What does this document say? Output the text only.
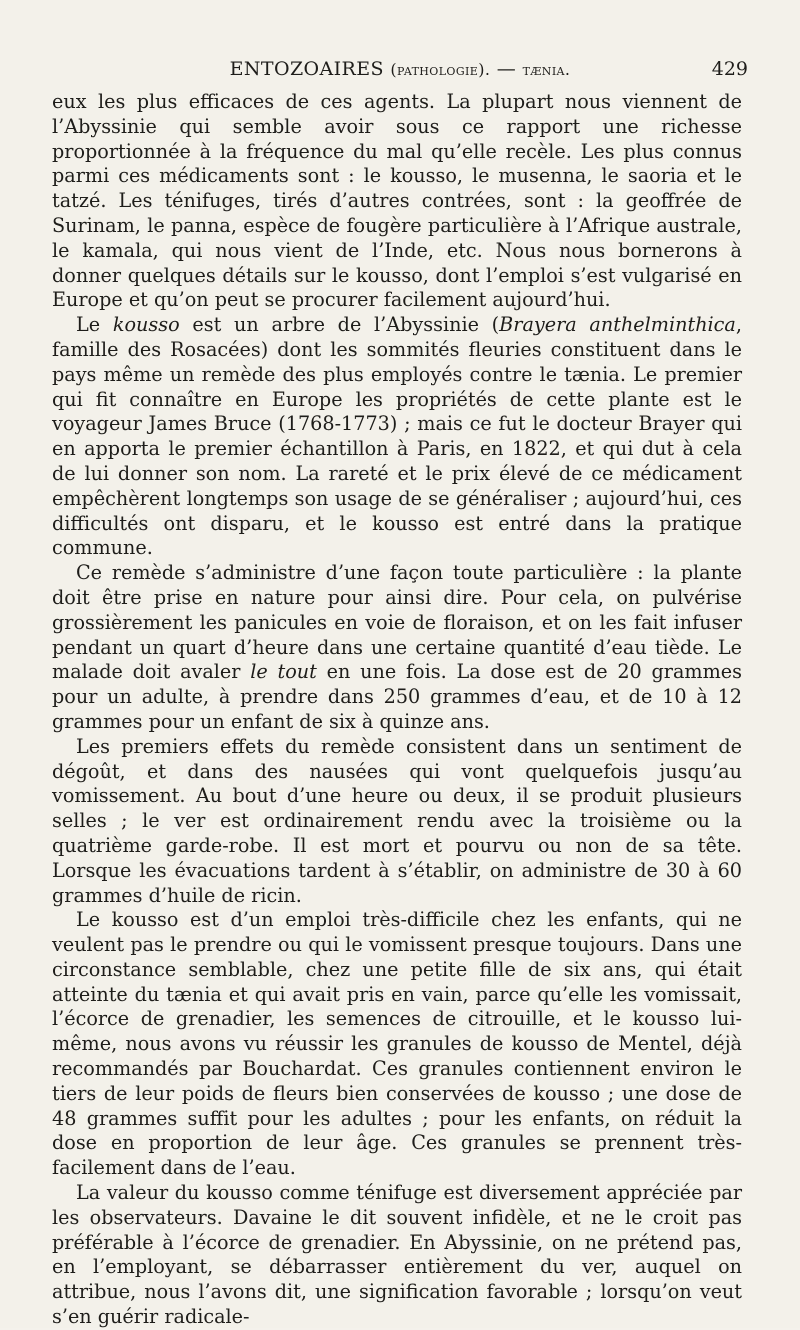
ENTOZOAIRES (pathologie). — tænia.	429

eux les plus efficaces de ces agents. La plupart nous viennent de l’Abyssinie qui semble avoir sous ce rapport une richesse proportionnée à la fréquence du mal qu’elle recèle. Les plus connus parmi ces médicaments sont : le kousso, le musenna, le saoria et le tatzé. Les ténifuges, tirés d’autres contrées, sont : la geoffrée de Surinam, le panna, espèce de fougère particulière à l’Afrique australe, le kamala, qui nous vient de l’Inde, etc. Nous nous bornerons à donner quelques détails sur le kousso, dont l’emploi s’est vulgarisé en Europe et qu’on peut se procurer facilement aujourd’hui.

Le kousso est un arbre de l’Abyssinie (Brayera anthelminthica, famille des Rosacées) dont les sommités fleuries constituent dans le pays même un remède des plus employés contre le tænia. Le premier qui fit connaître en Europe les propriétés de cette plante est le voyageur James Bruce (1768-1773) ; mais ce fut le docteur Brayer qui en apporta le premier échantillon à Paris, en 1822, et qui dut à cela de lui donner son nom. La rareté et le prix élevé de ce médicament empêchèrent longtemps son usage de se généraliser ; aujourd’hui, ces difficultés ont disparu, et le kousso est entré dans la pratique commune.

Ce remède s’administre d’une façon toute particulière : la plante doit être prise en nature pour ainsi dire. Pour cela, on pulvérise grossièrement les panicules en voie de floraison, et on les fait infuser pendant un quart d’heure dans une certaine quantité d’eau tiède. Le malade doit avaler le tout en une fois. La dose est de 20 grammes pour un adulte, à prendre dans 250 grammes d’eau, et de 10 à 12 grammes pour un enfant de six à quinze ans.

Les premiers effets du remède consistent dans un sentiment de dégoût, et dans des nausées qui vont quelquefois jusqu’au vomissement. Au bout d’une heure ou deux, il se produit plusieurs selles ; le ver est ordinairement rendu avec la troisième ou la quatrième garde-robe. Il est mort et pourvu ou non de sa tête. Lorsque les évacuations tardent à s’établir, on administre de 30 à 60 grammes d’huile de ricin.

Le kousso est d’un emploi très-difficile chez les enfants, qui ne veulent pas le prendre ou qui le vomissent presque toujours. Dans une circonstance semblable, chez une petite fille de six ans, qui était atteinte du tænia et qui avait pris en vain, parce qu’elle les vomissait, l’écorce de grenadier, les semences de citrouille, et le kousso lui-même, nous avons vu réussir les granules de kousso de Mentel, déjà recommandés par Bouchardat. Ces granules contiennent environ le tiers de leur poids de fleurs bien conservées de kousso ; une dose de 48 grammes suffit pour les adultes ; pour les enfants, on réduit la dose en proportion de leur âge. Ces granules se prennent très-facilement dans de l’eau.

La valeur du kousso comme ténifuge est diversement appréciée par les observateurs. Davaine le dit souvent infidèle, et ne le croit pas préférable à l’écorce de grenadier. En Abyssinie, on ne prétend pas, en l’employant, se débarrasser entièrement du ver, auquel on attribue, nous l’avons dit, une signification favorable ; lorsqu’on veut s’en guérir radicale-
